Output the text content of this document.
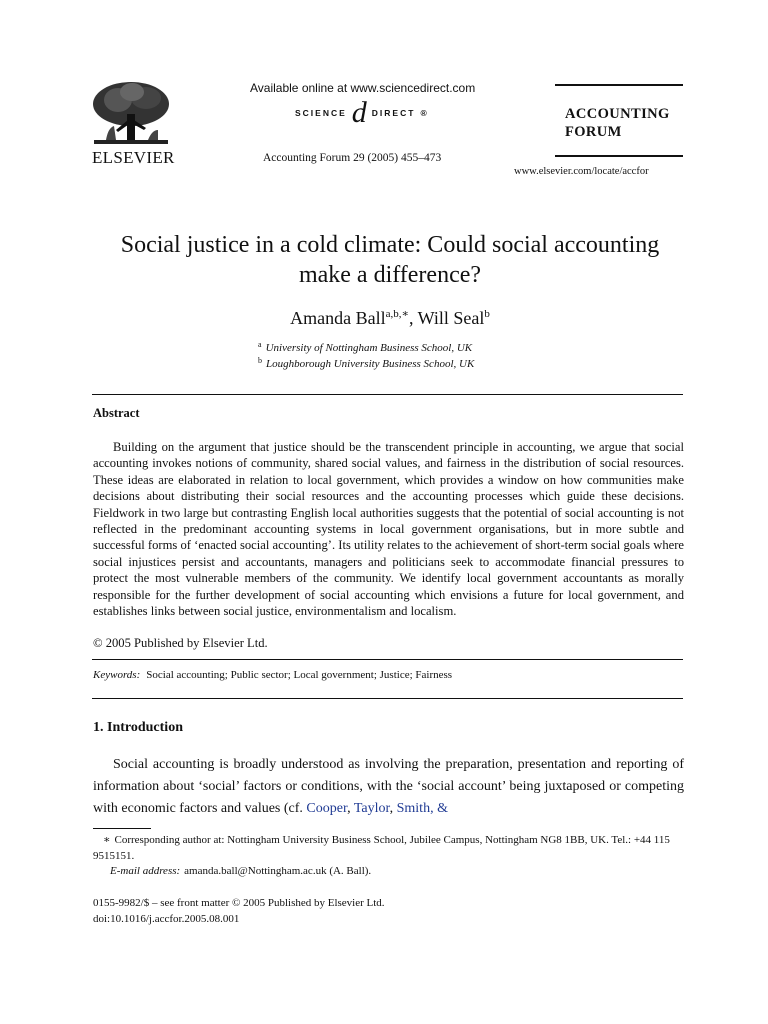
ELSEVIER
Available online at www.sciencedirect.com
SCIENCE d DIRECT ®
Accounting Forum 29 (2005) 455–473
ACCOUNTING
FORUM
www.elsevier.com/locate/accfor
Social justice in a cold climate: Could social accounting make a difference?
Amanda Ball$^{a,b,∗}$, Will Seal$^b$
$^a$ University of Nottingham Business School, UK
$^b$ Loughborough University Business School, UK
Abstract
Building on the argument that justice should be the transcendent principle in accounting, we argue that social accounting invokes notions of community, shared social values, and fairness in the distribution of social resources. These ideas are elaborated in relation to local government, which provides a window on how communities make decisions about distributing their social resources and the accounting processes which guide these decisions. Fieldwork in two large but contrasting English local authorities suggests that the potential of social accounting is not reflected in the predominant accounting systems in local government organisations, but in more subtle and successful forms of ‘enacted social accounting’. Its utility relates to the achievement of short-term social goals where social injustices persist and accountants, managers and politicians seek to accommodate financial pressures to protect the most vulnerable members of the community. We identify local government accountants as morally responsible for the further development of social accounting which envisions a future for local government, and establishes links between social justice, environmentalism and localism.
© 2005 Published by Elsevier Ltd.
Keywords: Social accounting; Public sector; Local government; Justice; Fairness
1. Introduction
Social accounting is broadly understood as involving the preparation, presentation and reporting of information about ‘social’ factors or conditions, with the ‘social account’ being juxtaposed or competing with economic factors and values (cf. Cooper, Taylor, Smith, &
∗ Corresponding author at: Nottingham University Business School, Jubilee Campus, Nottingham NG8 1BB, UK. Tel.: +44 115 9515151.
E-mail address: amanda.ball@Nottingham.ac.uk (A. Ball).
0155-9982/$ – see front matter © 2005 Published by Elsevier Ltd.
doi:10.1016/j.accfor.2005.08.001
